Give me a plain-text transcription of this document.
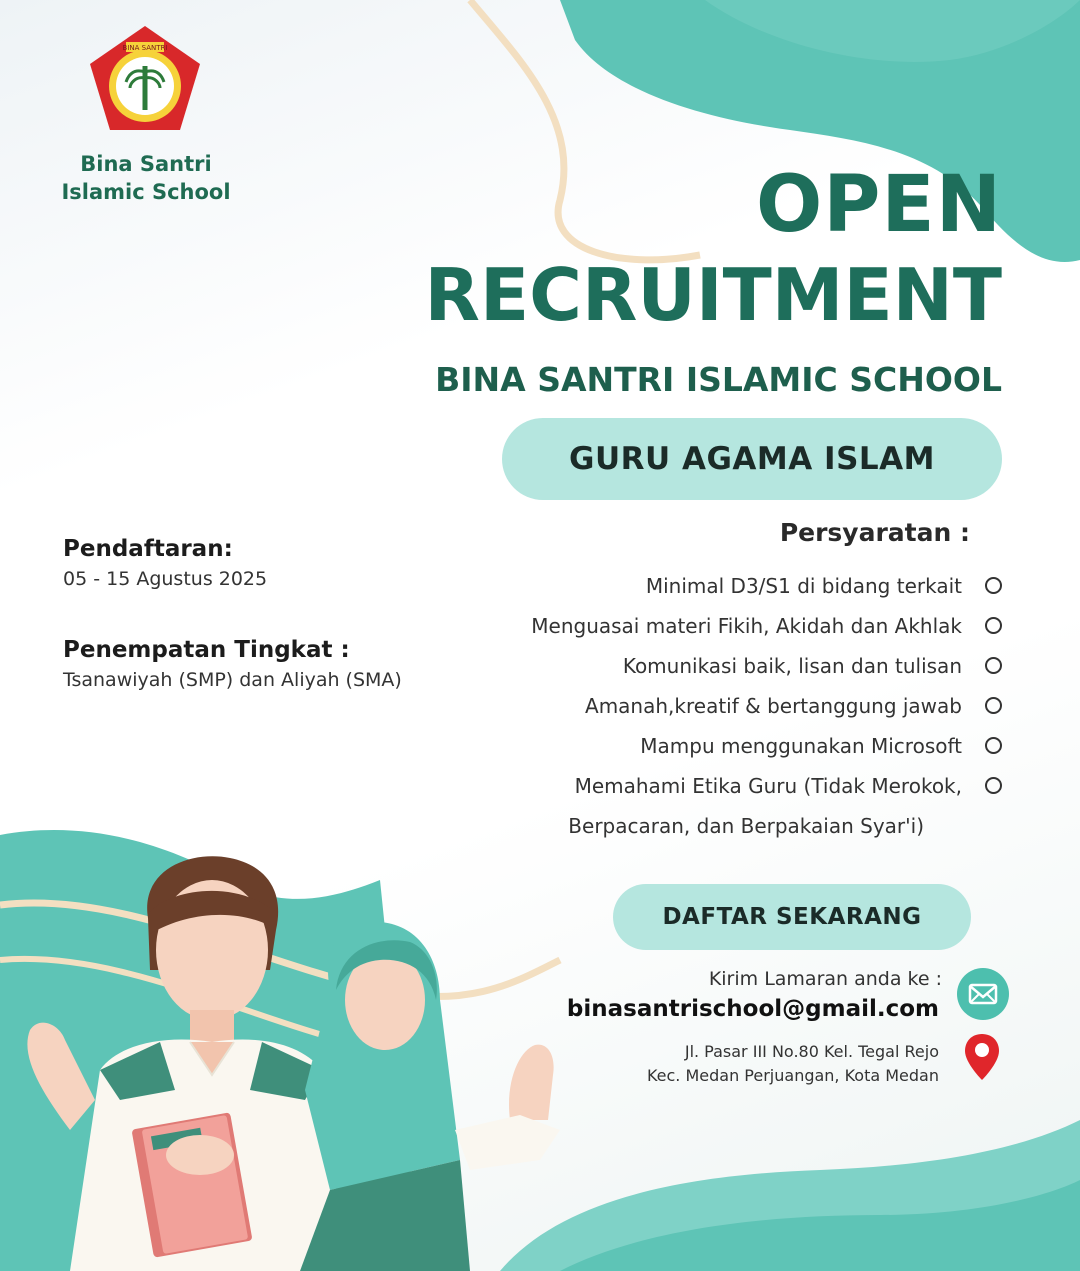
BINA SANTRI
Bina Santri
Islamic School	OPEN
RECRUITMENT
BINA SANTRI ISLAMIC SCHOOL
GURU AGAMA ISLAM
Pendaftaran:
05 - 15 Agustus 2025
Penempatan Tingkat :
Tsanawiyah (SMP) dan Aliyah (SMA)
Persyaratan :
Minimal D3/S1 di bidang terkait
Menguasai materi Fikih, Akidah dan Akhlak
Komunikasi baik, lisan dan tulisan
Amanah,kreatif & bertanggung jawab
Mampu menggunakan Microsoft
Memahami Etika Guru (Tidak Merokok,
Berpacaran, dan Berpakaian Syar'i)
DAFTAR SEKARANG
Kirim Lamaran anda ke :
binasantrischool@gmail.com
Jl. Pasar III No.80 Kel. Tegal Rejo
Kec. Medan Perjuangan, Kota Medan
